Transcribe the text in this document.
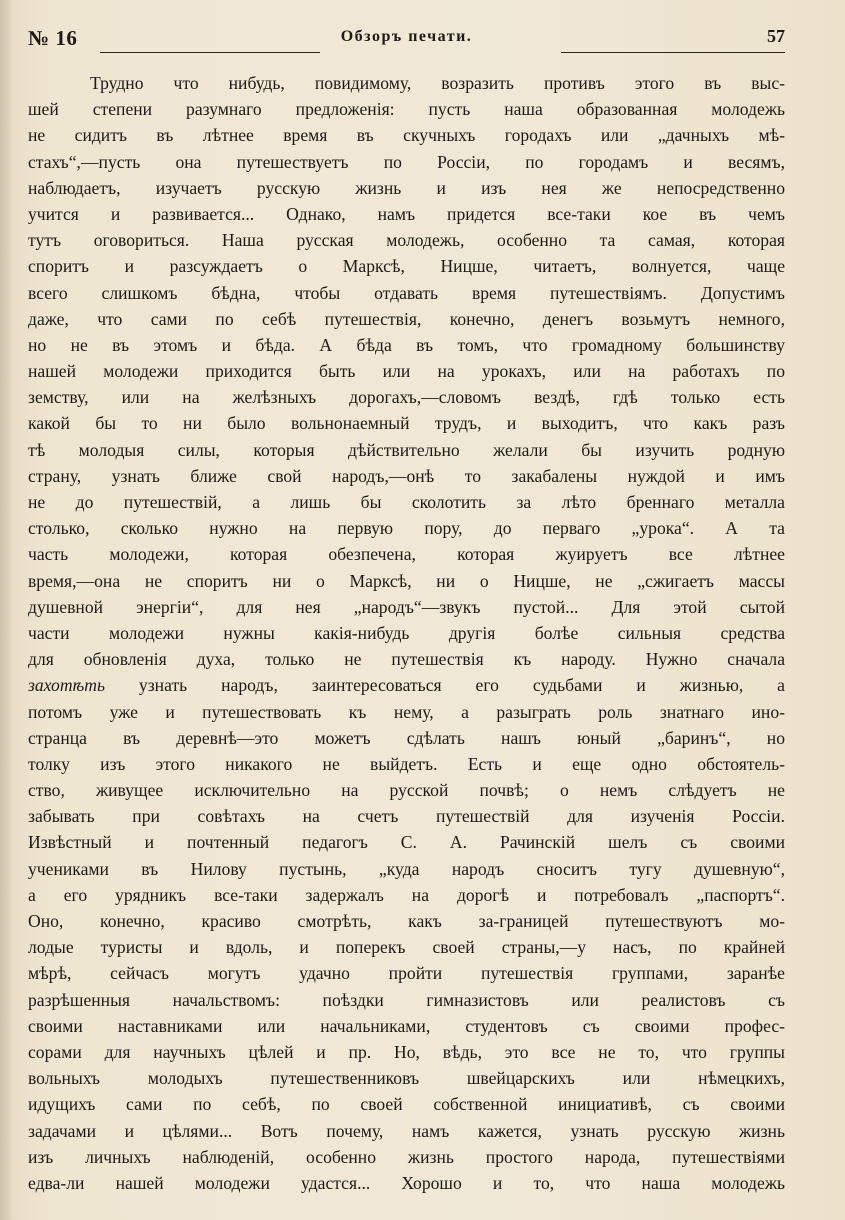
№ 16	Обзоръ печати.	57
Трудно что нибудь, повидимому, возразить противъ этого въ выс-
шей степени разумнаго предложенія: пусть наша образованная молодежь
не сидитъ въ лѣтнее время въ скучныхъ городахъ или „дачныхъ мѣ-
стахъ“,—пусть она путешествуетъ по Россіи, по городамъ и весямъ,
наблюдаетъ, изучаетъ русскую жизнь и изъ нея же непосредственно
учится и развивается... Однако, намъ придется все-таки кое въ чемъ
тутъ оговориться. Наша русская молодежь, особенно та самая, которая
споритъ и разсуждаетъ о Марксѣ, Ницше, читаетъ, волнуется, чаще
всего слишкомъ бѣдна, чтобы отдавать время путешествіямъ. Допустимъ
даже, что сами по себѣ путешествія, конечно, денегъ возьмутъ немного,
но не въ этомъ и бѣда. А бѣда въ томъ, что громадному большинству
нашей молодежи приходится быть или на урокахъ, или на работахъ по
земству, или на желѣзныхъ дорогахъ,—словомъ вездѣ, гдѣ только есть
какой бы то ни было вольнонаемный трудъ, и выходитъ, что какъ разъ
тѣ молодыя силы, которыя дѣйствительно желали бы изучить родную
страну, узнать ближе свой народъ,—онѣ то закабалены нуждой и имъ
не до путешествій, а лишь бы сколотить за лѣто бреннаго металла
столько, сколько нужно на первую пору, до перваго „урока“. А та
часть молодежи, которая обезпечена, которая жуируетъ все лѣтнее
время,—она не споритъ ни о Марксѣ, ни о Ницше, не „сжигаетъ массы
душевной энергіи“, для нея „народъ“—звукъ пустой... Для этой сытой
части молодежи нужны какія-нибудь другія болѣе сильныя средства
для обновленія духа, только не путешествія къ народу. Нужно сначала
захотѣть узнать народъ, заинтересоваться его судьбами и жизнью, а
потомъ уже и путешествовать къ нему, а разыграть роль знатнаго ино-
странца въ деревнѣ—это можетъ сдѣлать нашъ юный „баринъ“, но
толку изъ этого никакого не выйдетъ. Есть и еще одно обстоятель-
ство, живущее исключительно на русской почвѣ; о немъ слѣдуетъ не
забывать при совѣтахъ на счетъ путешествій для изученія Россіи.
Извѣстный и почтенный педагогъ С. А. Рачинскій шелъ съ своими
учениками въ Нилову пустынь, „куда народъ сноситъ тугу душевную“,
а его урядникъ все-таки задержалъ на дорогѣ и потребовалъ „паспортъ“.
Оно, конечно, красиво смотрѣть, какъ за-границей путешествуютъ мо-
лодые туристы и вдоль, и поперекъ своей страны,—у насъ, по крайней
мѣрѣ, сейчасъ могутъ удачно пройти путешествія группами, заранѣе
разрѣшенныя начальствомъ: поѣздки гимназистовъ или реалистовъ съ
своими наставниками или начальниками, студентовъ съ своими профес-
сорами для научныхъ цѣлей и пр. Но, вѣдь, это все не то, что группы
вольныхъ молодыхъ путешественниковъ швейцарскихъ или нѣмецкихъ,
идущихъ сами по себѣ, по своей собственной инициативѣ, съ своими
задачами и цѣлями... Вотъ почему, намъ кажется, узнать русскую жизнь
изъ личныхъ наблюденій, особенно жизнь простого народа, путешествіями
едва-ли нашей молодежи удастся... Хорошо и то, что наша молодежь
